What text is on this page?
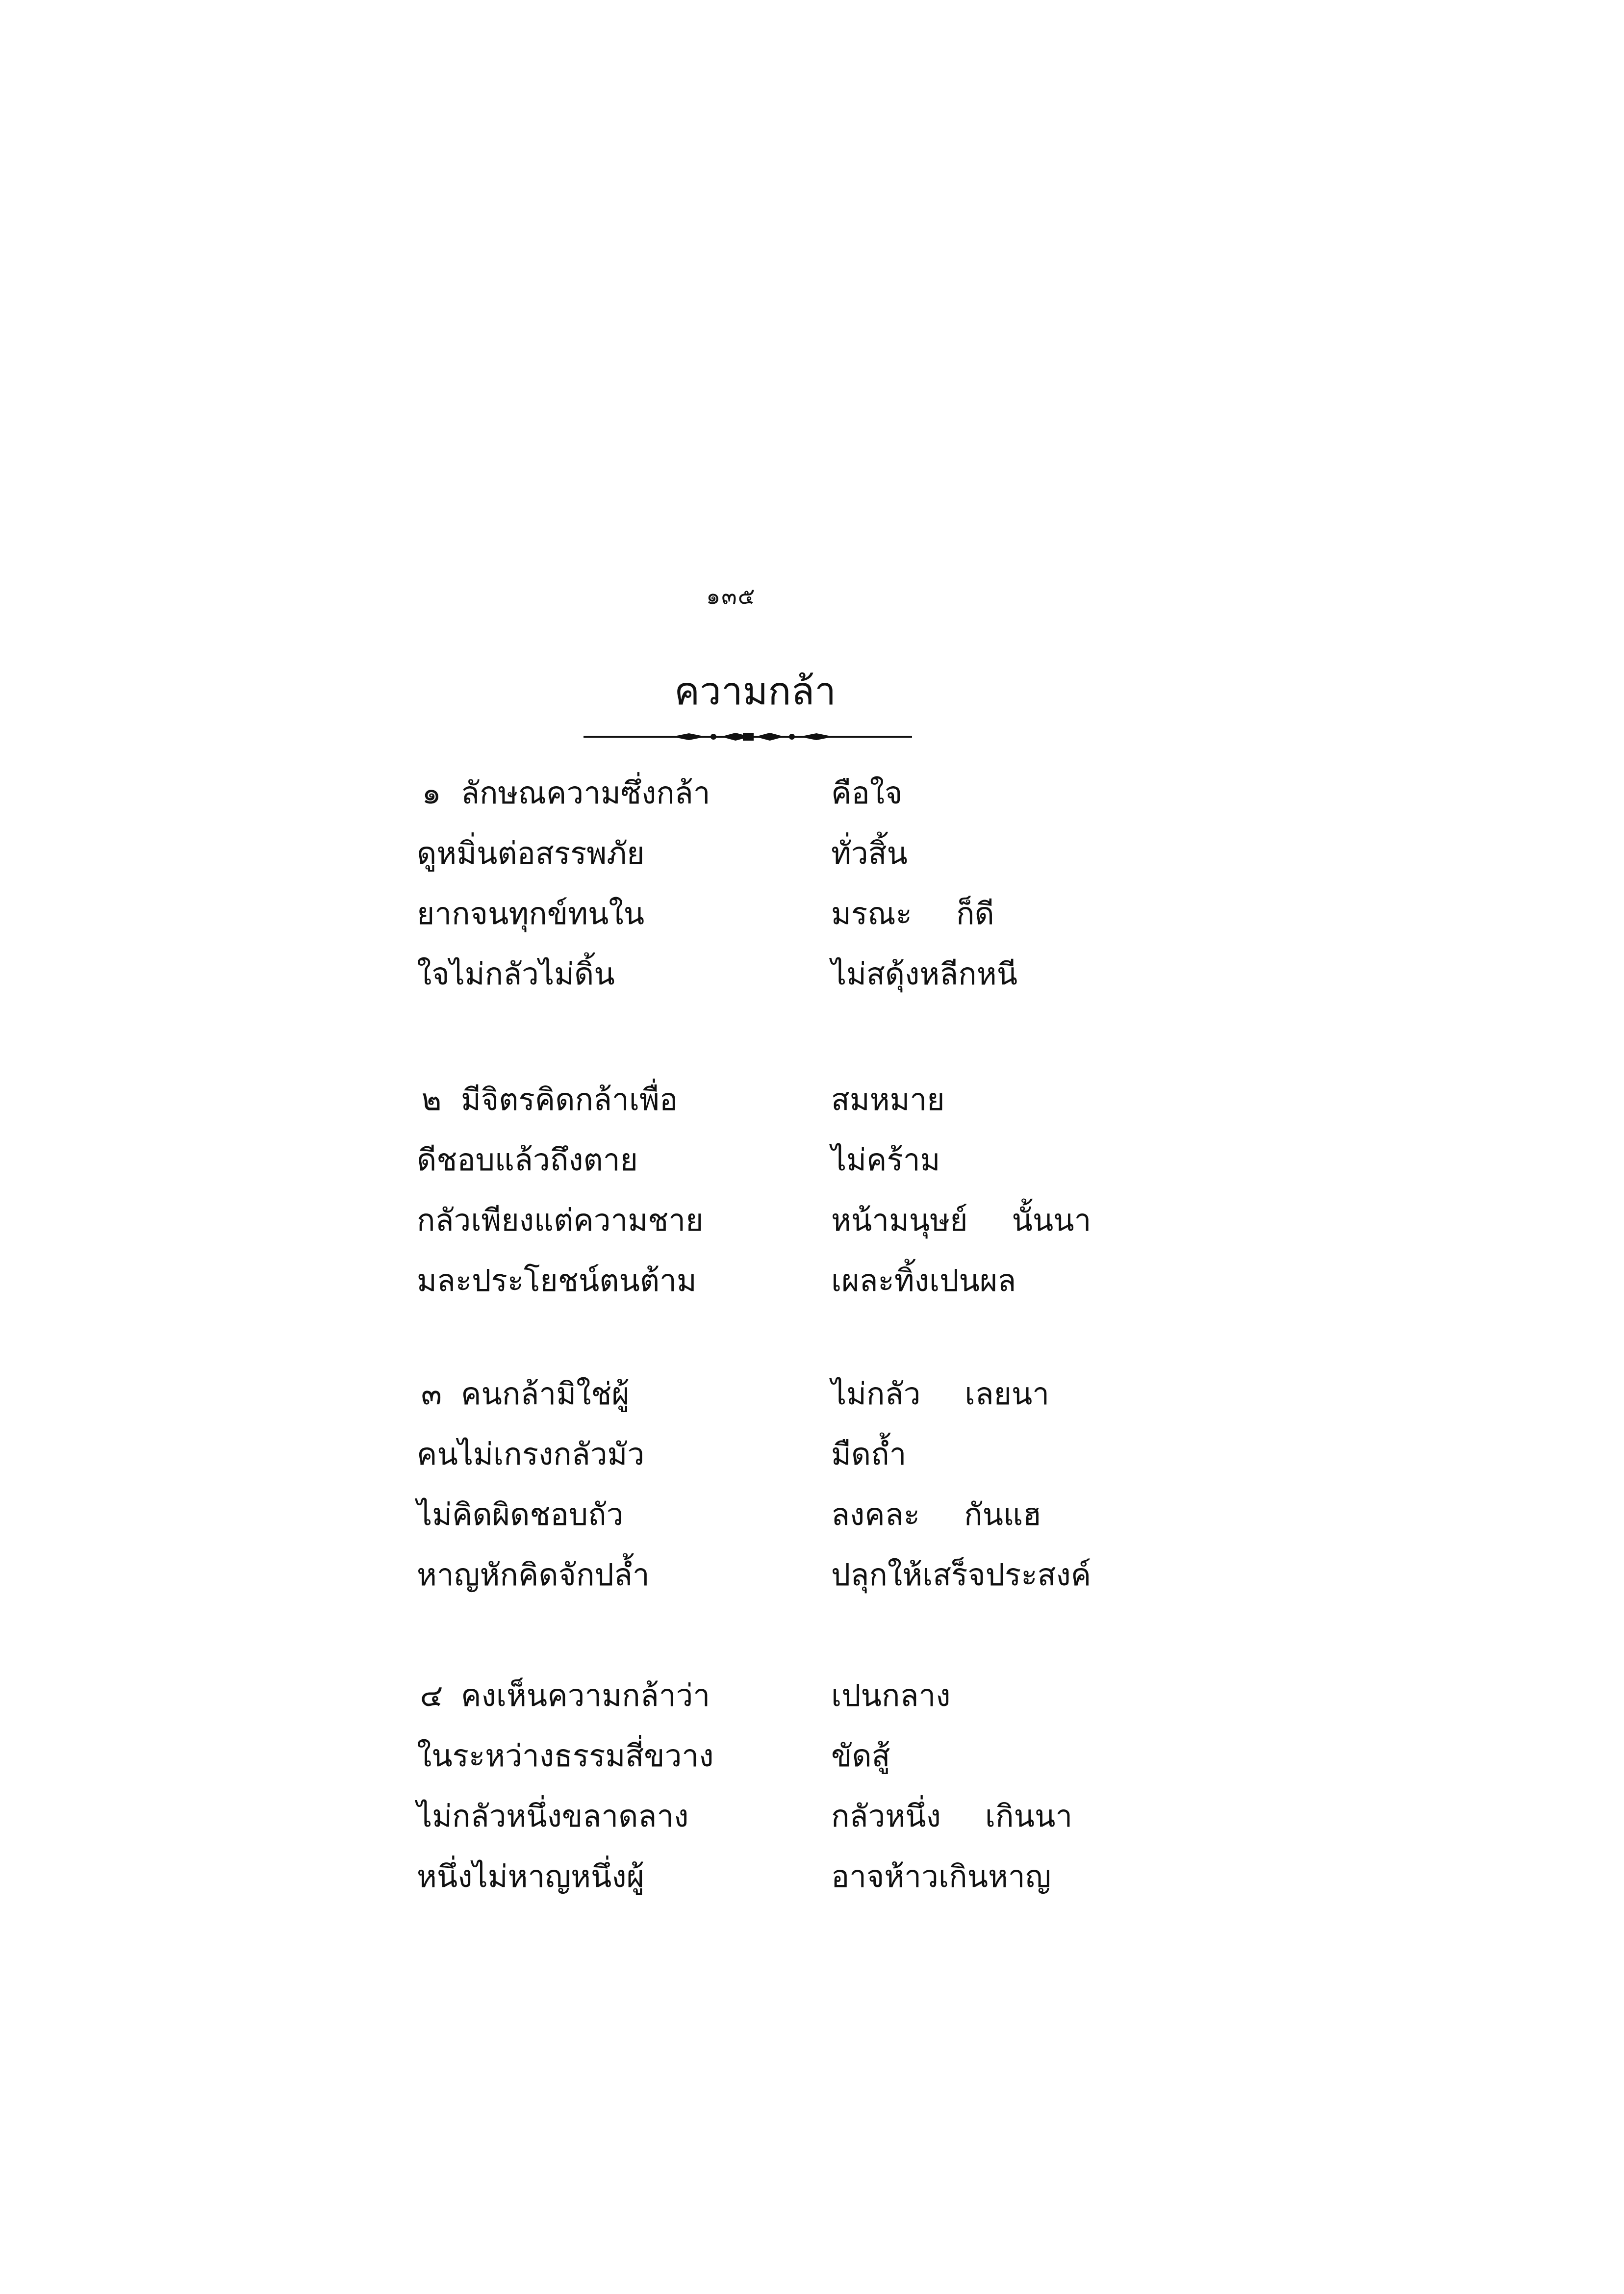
๑๓๕
ความกล้า
๑ ลักษณความซึ่งกล้า	คือใจ
ดูหมิ่นต่อสรรพภัย	ทั่วสิ้น
ยากจนทุกข์ทนใน	มรณะ ก็ดี
ใจไม่กลัวไม่ดิ้น	ไม่สดุ้งหลีกหนี
๒ มีจิตรคิดกล้าเพื่อ	สมหมาย
ดีชอบแล้วถึงตาย	ไม่คร้าม
กลัวเพียงแต่ความชาย	หน้ามนุษย์ นั้นนา
มละประโยชน์ตนต้าม	เผละทิ้งเปนผล
๓ คนกล้ามิใช่ผู้	ไม่กลัว เลยนา
คนไม่เกรงกลัวมัว	มืดถ้ำ
ไม่คิดผิดชอบถัว	ลงคละ กันแฮ
หาญหักคิดจักปล้ำ	ปลุกให้เสร็จประสงค์
๔ คงเห็นความกล้าว่า	เปนกลาง
ในระหว่างธรรมสี่ขวาง	ขัดสู้
ไม่กลัวหนึ่งขลาดลาง	กลัวหนึ่ง เกินนา
หนึ่งไม่หาญหนึ่งผู้	อาจห้าวเกินหาญ
